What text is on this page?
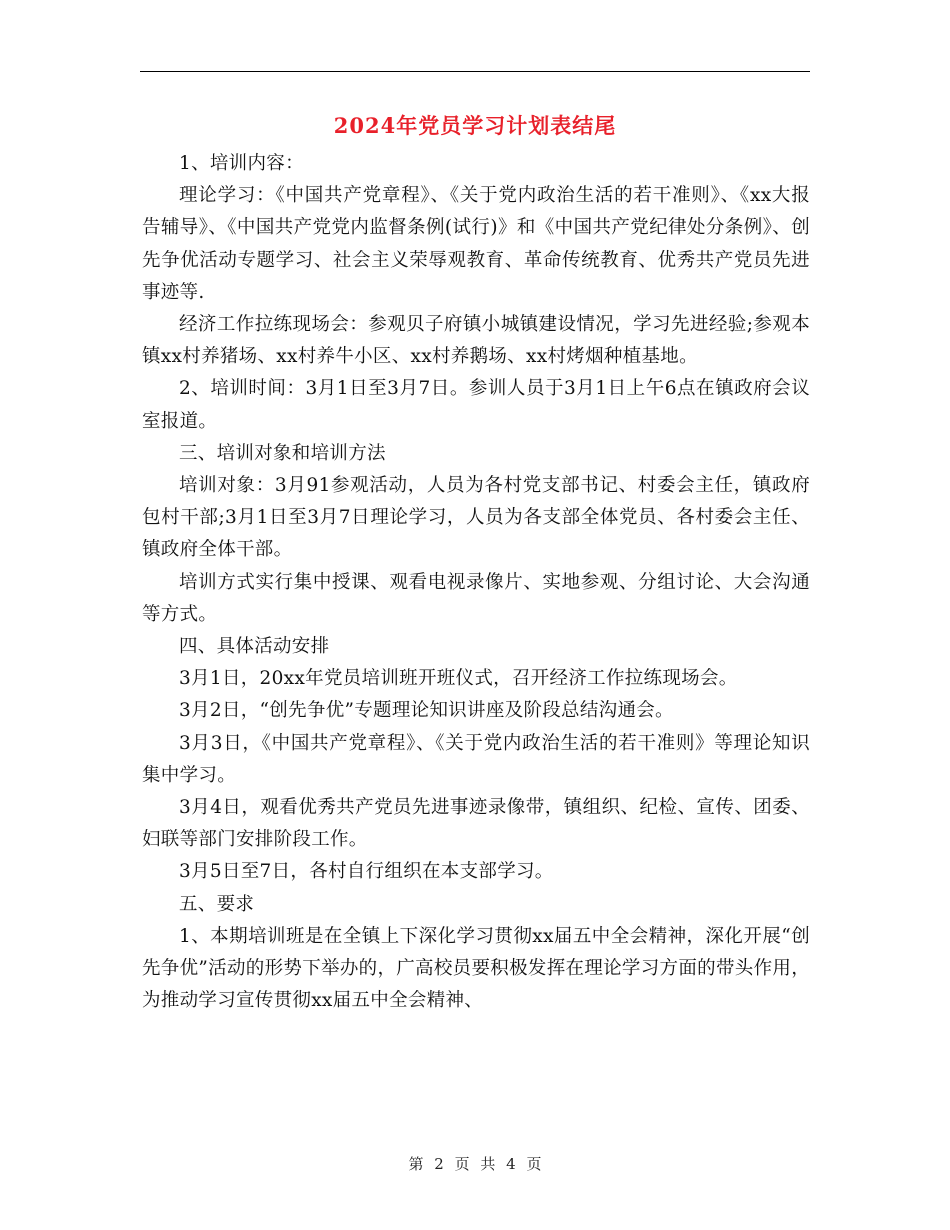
2024年党员学习计划表结尾

1、培训内容：

理论学习：《中国共产党章程》、《关于党内政治生活的若干准则》、《xx大报告辅导》、《中国共产党党内监督条例(试行)》和《中国共产党纪律处分条例》、创先争优活动专题学习、社会主义荣辱观教育、革命传统教育、优秀共产党员先进事迹等.

经济工作拉练现场会：参观贝子府镇小城镇建设情况，学习先进经验;参观本镇xx村养猪场、xx村养牛小区、xx村养鹅场、xx村烤烟种植基地。

2、培训时间：3月1日至3月7日。参训人员于3月1日上午6点在镇政府会议室报道。

三、培训对象和培训方法

培训对象：3月91参观活动，人员为各村党支部书记、村委会主任，镇政府包村干部;3月1日至3月7日理论学习，人员为各支部全体党员、各村委会主任、镇政府全体干部。

培训方式实行集中授课、观看电视录像片、实地参观、分组讨论、大会沟通等方式。

四、具体活动安排

3月1日，20xx年党员培训班开班仪式，召开经济工作拉练现场会。

3月2日，“创先争优”专题理论知识讲座及阶段总结沟通会。

3月3日，《中国共产党章程》、《关于党内政治生活的若干准则》等理论知识集中学习。

3月4日，观看优秀共产党员先进事迹录像带，镇组织、纪检、宣传、团委、妇联等部门安排阶段工作。

3月5日至7日，各村自行组织在本支部学习。

五、要求

1、本期培训班是在全镇上下深化学习贯彻xx届五中全会精神，深化开展“创先争优”活动的形势下举办的，广高校员要积极发挥在理论学习方面的带头作用，为推动学习宣传贯彻xx届五中全会精神、

第 2 页 共 4 页
